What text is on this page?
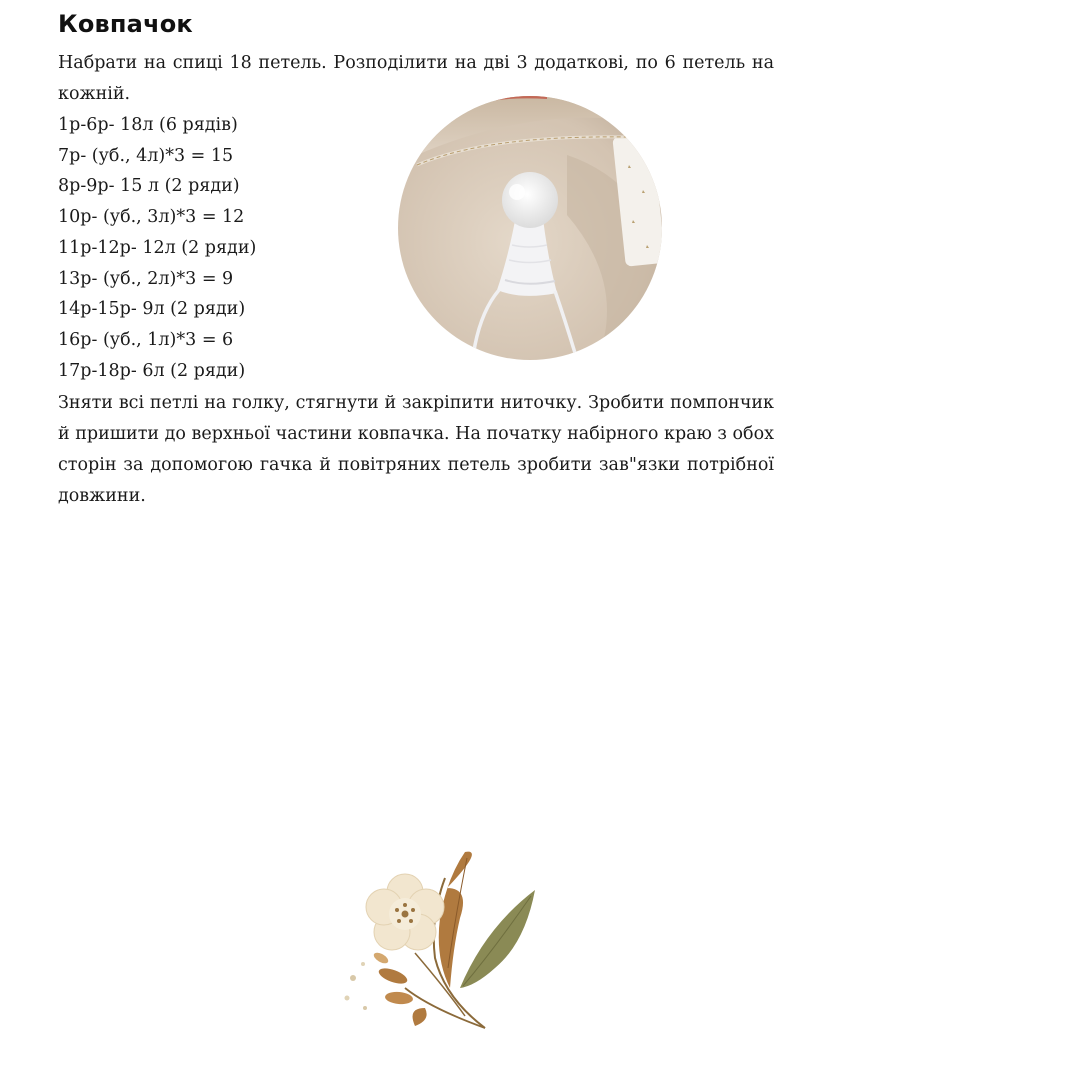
Ковпачок

Набрати на спиці 18 петель. Розподілити на дві 3 додаткові, по 6 петель на кожній.

1р-6р- 18л (6 рядів)
7р- (уб., 4л)*3 = 15
8р-9р- 15 л (2 ряди)
10р- (уб., 3л)*3 = 12
11р-12р- 12л (2 ряди)
13р- (уб., 2л)*3 = 9
14р-15р- 9л (2 ряди)
16р- (уб., 1л)*3 = 6
17р-18р- 6л (2 ряди)

Зняти всі петлі на голку, стягнути й закріпити ниточку. Зробити помпончик й пришити до верхньої частини ковпачка. На початку набірного краю з обох сторін за допомогою гачка й повітряних петель зробити зав"язки потрібної довжини.
